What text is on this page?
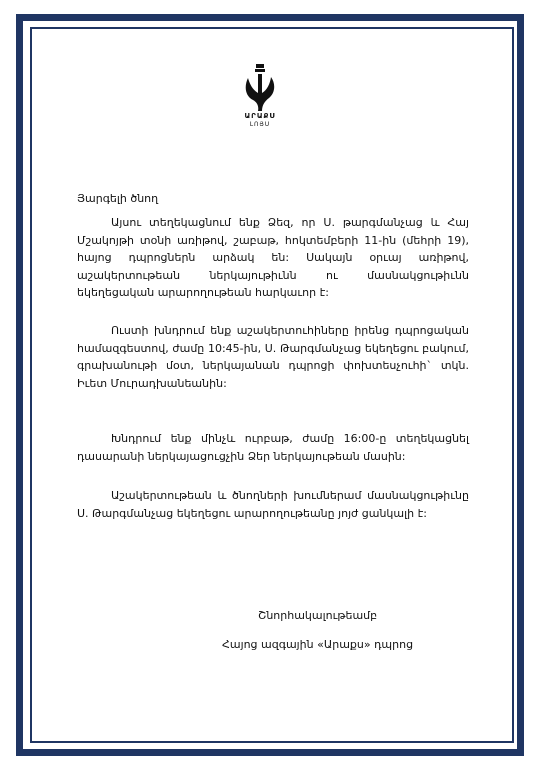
ԱՐԱՔՍ
ԼՈՅՍ
Յարգելի ծնող

Այսու տեղեկացնում ենք Ձեզ, որ Ս. թարգմանչաց և Հայ Մշակոյթի տօնի առիթով, շաբաթ, հոկտեմբերի 11-ին (մեհրի 19), հայոց դպրոցներն արձակ են: Սակայն օրւայ առիթով, աշակերտութեան ներկայութիւնն ու մասնակցութիւնն եկեղեցական արարողութեան հարկաւոր է:

Ուստի խնդրում ենք աշակերտուհիները իրենց դպրոցական համազգեստով, ժամը 10:45-ին, Ս. Թարգմանչաց եկեղեցու բակում, գրախանութի մօտ, ներկայանան դպրոցի փոխտեսչուհի` տկն. Իւետ Մուրադխանեանին:

Խնդրում ենք մինչև ուրբաթ, ժամը 16:00-ը տեղեկացնել դասարանի ներկայացուցչին Ձեր ներկայութեան մասին:

Աշակերտութեան և ծնողների խումներամ մասնակցութիւնը Ս. Թարգմանչաց եկեղեցու արարողութեանը յոյժ ցանկալի է:

Շնորհակալութեամբ
Հայոց ազգային «Արաքս» դպրոց
